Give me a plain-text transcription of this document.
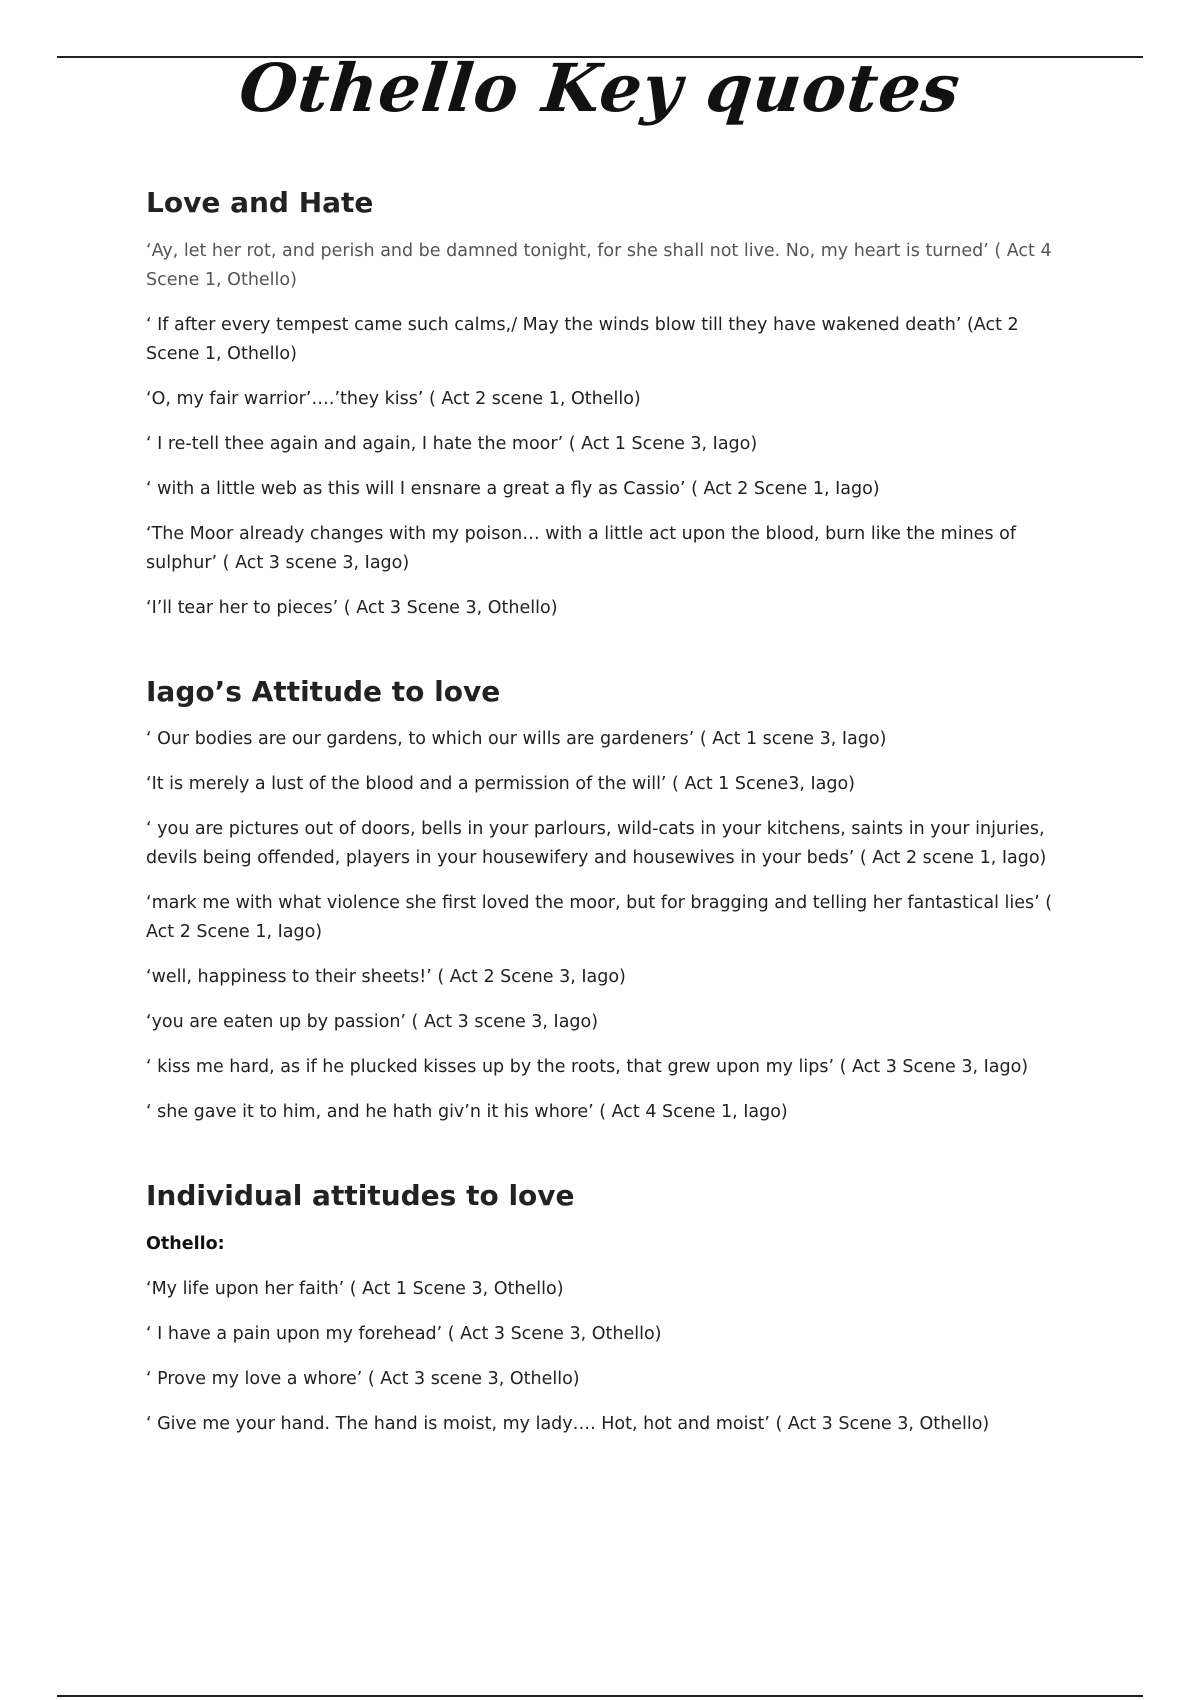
Othello Key quotes
Love and Hate

‘Ay, let her rot, and perish and be damned tonight, for she shall not live. No, my heart is turned’ ( Act 4 Scene 1, Othello)

‘ If after every tempest came such calms,/ May the winds blow till they have wakened death’ (Act 2 Scene 1, Othello)

‘O, my fair warrior’….’they kiss’ ( Act 2 scene 1, Othello)

‘ I re-tell thee again and again, I hate the moor’ ( Act 1 Scene 3, Iago)

‘ with a little web as this will I ensnare a great a fly as Cassio’ ( Act 2 Scene 1, Iago)

‘The Moor already changes with my poison… with a little act upon the blood, burn like the mines of sulphur’ ( Act 3 scene 3, Iago)

‘I’ll tear her to pieces’ ( Act 3 Scene 3, Othello)

Iago’s Attitude to love

‘ Our bodies are our gardens, to which our wills are gardeners’ ( Act 1 scene 3, Iago)

‘It is merely a lust of the blood and a permission of the will’ ( Act 1 Scene3, Iago)

‘ you are pictures out of doors, bells in your parlours, wild-cats in your kitchens, saints in your injuries, devils being offended, players in your housewifery and housewives in your beds’ ( Act 2 scene 1, Iago)

‘mark me with what violence she first loved the moor, but for bragging and telling her fantastical lies’ ( Act 2 Scene 1, Iago)

‘well, happiness to their sheets!’ ( Act 2 Scene 3, Iago)

‘you are eaten up by passion’ ( Act 3 scene 3, Iago)

‘ kiss me hard, as if he plucked kisses up by the roots, that grew upon my lips’ ( Act 3 Scene 3, Iago)

‘ she gave it to him, and he hath giv’n it his whore’ ( Act 4 Scene 1, Iago)

Individual attitudes to love

Othello:

‘My life upon her faith’ ( Act 1 Scene 3, Othello)

‘ I have a pain upon my forehead’ ( Act 3 Scene 3, Othello)

‘ Prove my love a whore’ ( Act 3 scene 3, Othello)

‘ Give me your hand. The hand is moist, my lady…. Hot, hot and moist’ ( Act 3 Scene 3, Othello)
